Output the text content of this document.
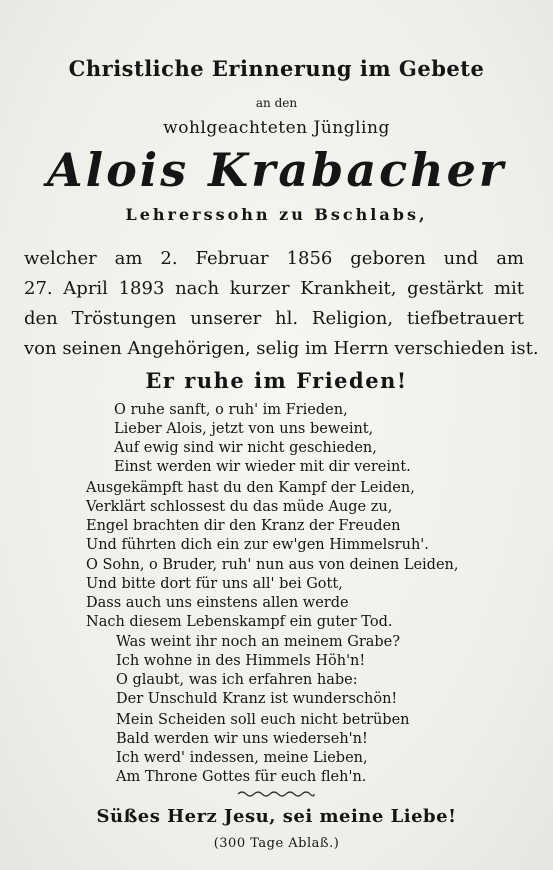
Christliche Erinnerung im Gebete
an den
wohlgeachteten Jüngling
Alois Krabacher
Lehrerssohn zu Bschlabs,
welcher am 2. Februar 1856 geboren und am
27. April 1893 nach kurzer Krankheit, gestärkt mit
den Tröstungen unserer hl. Religion, tiefbetrauert
von seinen Angehörigen, selig im Herrn verschieden ist.
Er ruhe im Frieden!
O ruhe sanft, o ruh' im Frieden,
Lieber Alois, jetzt von uns beweint,
Auf ewig sind wir nicht geschieden,
Einst werden wir wieder mit dir vereint.
Ausgekämpft hast du den Kampf der Leiden,
Verklärt schlossest du das müde Auge zu,
Engel brachten dir den Kranz der Freuden
Und führten dich ein zur ew'gen Himmelsruh'.
O Sohn, o Bruder, ruh' nun aus von deinen Leiden,
Und bitte dort für uns all' bei Gott,
Dass auch uns einstens allen werde
Nach diesem Lebenskampf ein guter Tod.
Was weint ihr noch an meinem Grabe?
Ich wohne in des Himmels Höh'n!
O glaubt, was ich erfahren habe:
Der Unschuld Kranz ist wunderschön!
Mein Scheiden soll euch nicht betrüben
Bald werden wir uns wiederseh'n!
Ich werd' indessen, meine Lieben,
Am Throne Gottes für euch fleh'n.
Süßes Herz Jesu, sei meine Liebe!
(300 Tage Ablaß.)
